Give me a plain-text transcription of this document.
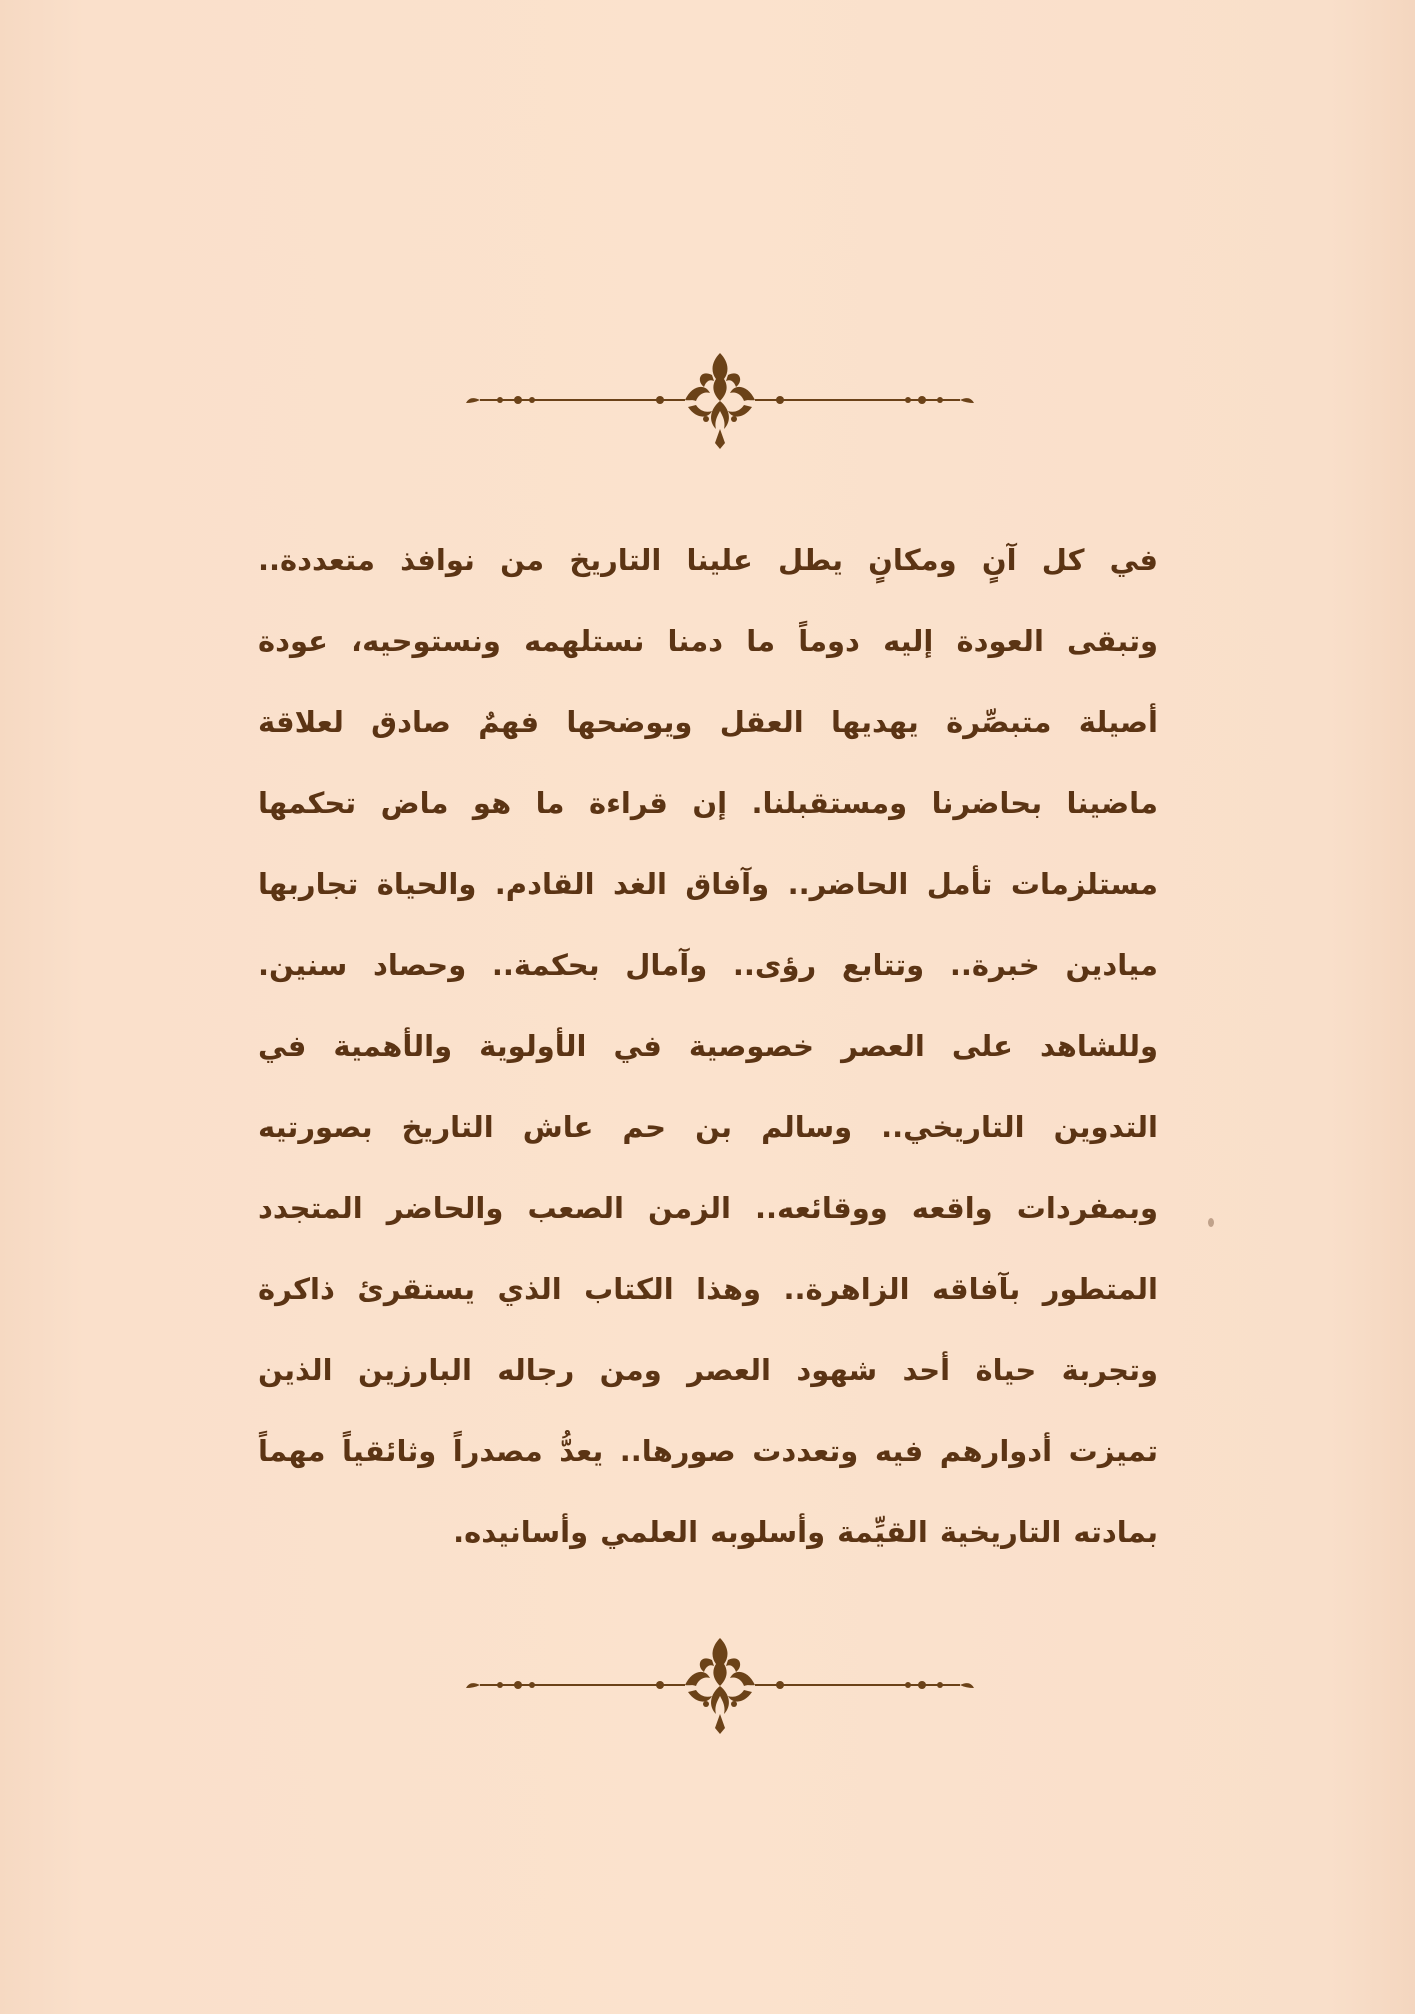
في كل آنٍ ومكانٍ يطل علينا التاريخ من نوافذ متعددة..
وتبقى العودة إليه دوماً ما دمنا نستلهمه ونستوحيه، عودة
أصيلة متبصِّرة يهديها العقل ويوضحها فهمٌ صادق لعلاقة
ماضينا بحاضرنا ومستقبلنا. إن قراءة ما هو ماض تحكمها
مستلزمات تأمل الحاضر.. وآفاق الغد القادم. والحياة تجاربها
ميادين خبرة.. وتتابع رؤى.. وآمال بحكمة.. وحصاد سنين.
وللشاهد على العصر خصوصية في الأولوية والأهمية في
التدوين التاريخي.. وسالم بن حم عاش التاريخ بصورتيه
وبمفردات واقعه ووقائعه.. الزمن الصعب والحاضر المتجدد
المتطور بآفاقه الزاهرة.. وهذا الكتاب الذي يستقرئ ذاكرة
وتجربة حياة أحد شهود العصر ومن رجاله البارزين الذين
تميزت أدوارهم فيه وتعددت صورها.. يعدُّ مصدراً وثائقياً مهماً
بمادته التاريخية القيِّمة وأسلوبه العلمي وأسانيده.
